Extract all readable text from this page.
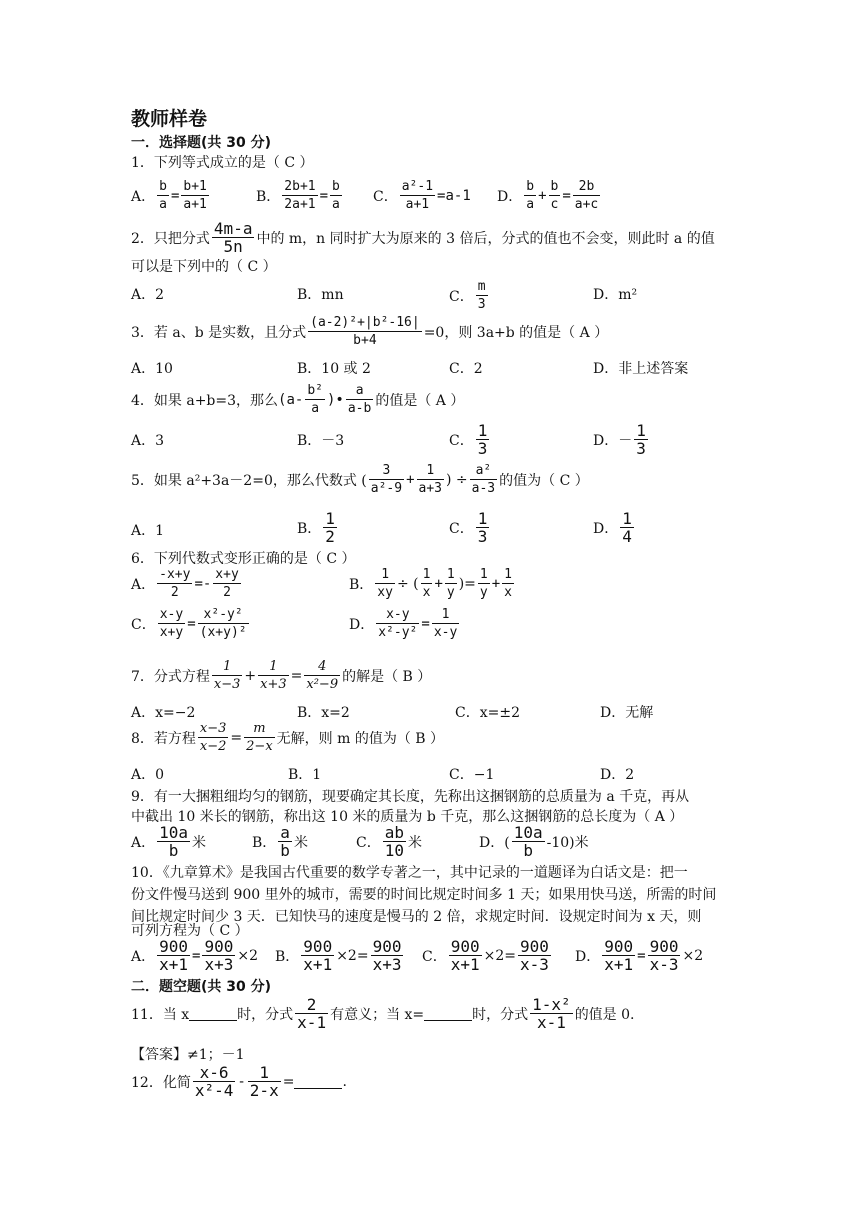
教师样卷
一．选择题(共 30 分)
1．下列等式成立的是（ C ）
A． $\frac{b}{a} = \frac{b+1}{a+1}$	B． $\frac{2b+1}{2a+1} = \frac{b}{a}$ C． $\frac{\text{a²-1}}{a+1} =a-1$ D． $\frac{b}{a} + \frac{b}{c} = \frac{2b}{a+c}$
2．只把分式 $\frac{4m-a}{5n}$ 中的 m，n 同时扩大为原来的 3 倍后，分式的值也不会变，则此时 a 的值
可以是下列中的（ C ）
A．2	B．mn	C． $\frac{m}{3}$	D．m²
3．若 a、b 是实数，且分式 $\frac{\text{(a-2)²+|b²-16|}}{b+4} =0$，则 3a+b 的值是（ A ）
A．10	B．10 或 2	C．2	D．非上述答案
4．如果 a+b=3，那么 ($a- \frac{\text{b²}}{a}$ )• $\frac{a}{a-b}$ 的值是（ A ）
A．3	B．－3	C． $\frac{1}{3}$	D．－ $\frac{1}{3}$
5．如果 a²+3a－2=0，那么代数式 ( $\frac{3}{\text{a²-9}} + \frac{1}{a+3}$ ) ÷ $\frac{\text{a²}}{a-3}$ 的值为（ C ）
A．1	B． $\frac{1}{2}$	C． $\frac{1}{3}$	D． $\frac{1}{4}$
6．下列代数式变形正确的是（ C ）
A． $\frac{-x+y}{2} =- \frac{x+y}{2}$	B． $\frac{1}{xy}$ ÷ ( $\frac{1}{x} + \frac{1}{y}$ )= $\frac{1}{y} + \frac{1}{x}$
C． $\frac{x-y}{x+y} = \frac{\text{x²-y²}}{\text{(x+y)²}}$	D． $\frac{x-y}{\text{x²-y²}} = \frac{1}{x-y}$
7．分式方程 $\frac{1}{x-3} + \frac{1}{x+3} = \frac{4}{\text{x²−9}}$ 的解是（ B ）
A．x=−2	B．x=2	C．x=±2	D．无解
8．若方程 $\frac{x-3}{x-2} = \frac{m}{2-x}$ 无解，则 m 的值为（ B ）
A．0	B．1	C．−1	D．2
9．有一大捆粗细均匀的钢筋，现要确定其长度，先称出这捆钢筋的总质量为 a 千克，再从
中截出 10 米长的钢筋，称出这 10 米的质量为 b 千克，那么这捆钢筋的总长度为（ A ）
A． $\frac{10a}{b}$ 米	B． $\frac{a}{b}$ 米	C． $\frac{ab}{10}$ 米	D．( $\frac{10a}{b} -10$)米
10．《九章算术》是我国古代重要的数学专著之一，其中记录的一道题译为白话文是：把一
份文件慢马送到 900 里外的城市，需要的时间比规定时间多 1 天；如果用快马送，所需的时间
间比规定时间少 3 天．已知快马的速度是慢马的 2 倍，求规定时间．设规定时间为 x 天，则
可列方程为（ C ）
A． $\frac{900}{x+1} = \frac{900}{x+3} \times 2$ B． $\frac{900}{x+1} \times 2= \frac{900}{x+3}$ C． $\frac{900}{x+1} \times 2= \frac{900}{x-3}$ D． $\frac{900}{x+1} = \frac{900}{x-3} \times 2$
二．题空题(共 30 分)
11．当 x	时，分式 $\frac{2}{x-1}$ 有意义；当 x=	时，分式 $\frac{\text{1-x²}}{x-1}$ 的值是 0.
【答案】≠1；－1
12．化简 $\frac{x-6}{\text{x²-4}} - \frac{1}{2-x}$ =	.
